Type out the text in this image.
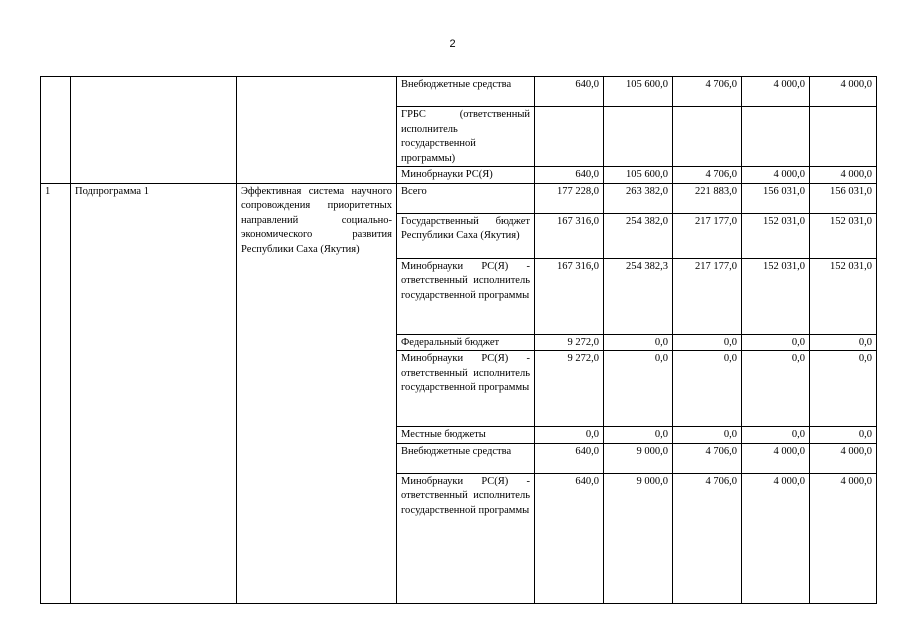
2
			Внебюджетные средства	640,0	105 600,0	4 706,0	4 000,0	4 000,0
			ГРБС (ответственный исполнитель государственной программы)					
			Минобрнауки РС(Я)	640,0	105 600,0	4 706,0	4 000,0	4 000,0
1	Подпрограмма 1	Эффективная система научного сопровождения приоритетных направлений социально-экономического развития Республики Саха (Якутия)	Всего	177 228,0	263 382,0	221 883,0	156 031,0	156 031,0
			Государственный бюджет Республики Саха (Якутия)	167 316,0	254 382,0	217 177,0	152 031,0	152 031,0
			Минобрнауки РС(Я) - ответственный исполнитель государственной программы	167 316,0	254 382,3	217 177,0	152 031,0	152 031,0
			Федеральный бюджет	9 272,0	0,0	0,0	0,0	0,0
			Минобрнауки РС(Я) - ответственный исполнитель государственной программы	9 272,0	0,0	0,0	0,0	0,0
			Местные бюджеты	0,0	0,0	0,0	0,0	0,0
			Внебюджетные средства	640,0	9 000,0	4 706,0	4 000,0	4 000,0
			Минобрнауки РС(Я) - ответственный исполнитель государственной программы	640,0	9 000,0	4 706,0	4 000,0	4 000,0
